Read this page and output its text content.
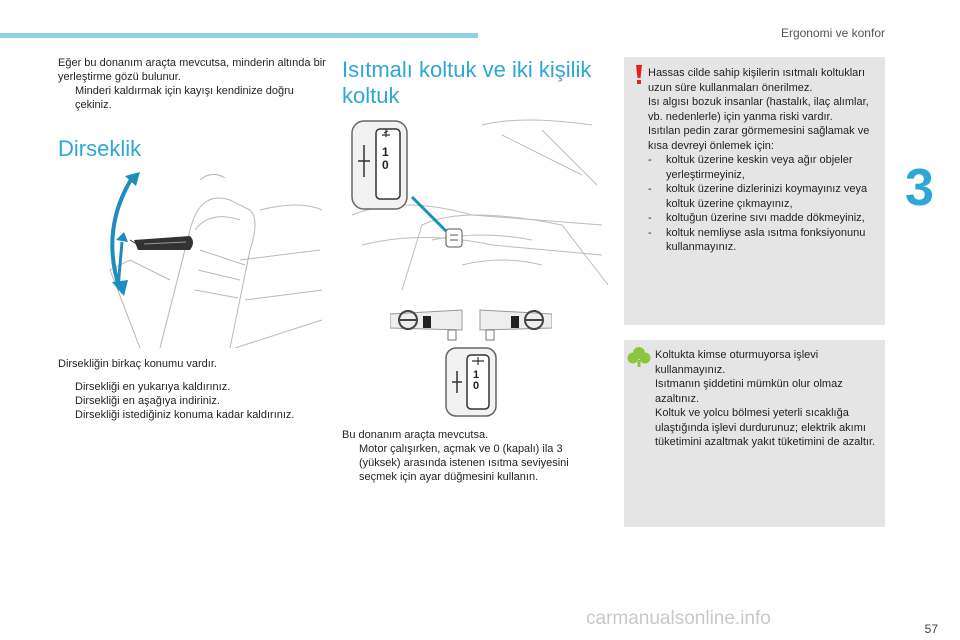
Ergonomi ve konfor
3
57
Eğer bu donanım araçta mevcutsa, minderin altında bir yerleştirme gözü bulunur.
Minderi kaldırmak için kayışı kendinize doğru çekiniz.
Dirseklik
Dirsekliğin birkaç konumu vardır.
Dirsekliği en yukarıya kaldırınız.
Dirsekliği en aşağıya indiriniz.
Dirsekliği istediğiniz konuma kadar kaldırınız.
Isıtmalı koltuk ve iki kişilik
koltuk
1
0
1
0
Bu donanım araçta mevcutsa.
Motor çalışırken, açmak ve 0 (kapalı) ila 3 (yüksek) arasında istenen ısıtma seviyesini seçmek için ayar düğmesini kullanın.
Hassas cilde sahip kişilerin ısıtmalı koltukları uzun süre kullanmaları önerilmez.
Isı algısı bozuk insanlar (hastalık, ilaç alımlar, vb. nedenlerle) için yanma riski vardır.
Isıtılan pedin zarar görmemesini sağlamak ve kısa devreyi önlemek için:
- koltuk üzerine keskin veya ağır objeler yerleştirmeyiniz,
- koltuk üzerine dizlerinizi koymayınız veya koltuk üzerine çıkmayınız,
- koltuğun üzerine sıvı madde dökmeyiniz,
- koltuk nemliyse asla ısıtma fonksiyonunu kullanmayınız.
Koltukta kimse oturmuyorsa işlevi kullanmayınız.
Isıtmanın şiddetini mümkün olur olmaz azaltınız.
Koltuk ve yolcu bölmesi yeterli sıcaklığa ulaştığında işlevi durdurunuz; elektrik akımı tüketimini azaltmak yakıt tüketimini de azaltır.
carmanualsonline.info
